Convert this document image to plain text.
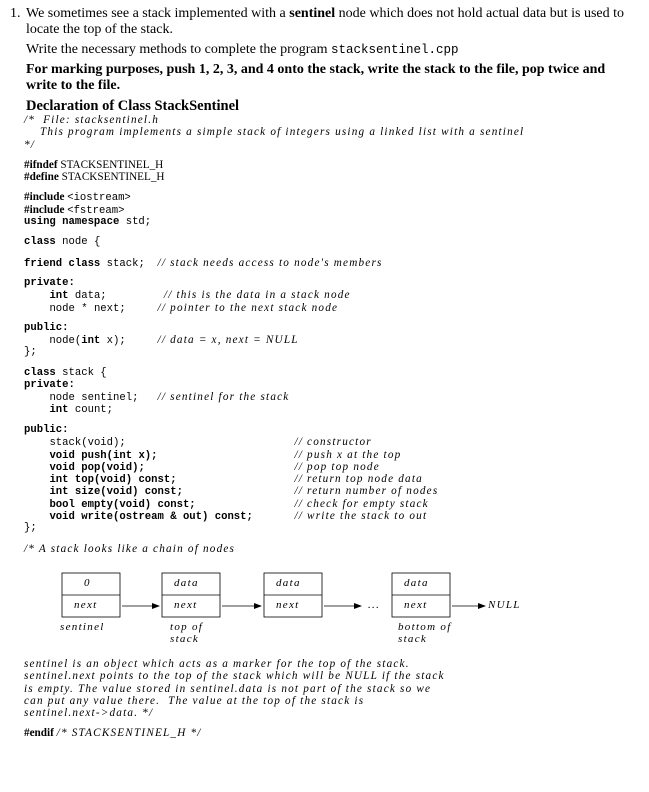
1. We sometimes see a stack implemented with a sentinel node which does not hold actual data but is used to locate the top of the stack.

Write the necessary methods to complete the program stacksentinel.cpp

For marking purposes, push 1, 2, 3, and 4 onto the stack, write the stack to the file, pop twice and write to the file.

Declaration of Class StackSentinel

/*  File: stacksentinel.h
This program implements a simple stack of integers using a linked list with a sentinel
*/
#ifndef STACKSENTINEL_H
#define STACKSENTINEL_H
#include <iostream>
#include <fstream>
using namespace std;
class node {
friend class stack;  // stack needs access to node's members
private:
int data;	// this is the data in a stack node
node * next;	// pointer to the next stack node
public:
node(int x);     // data = x, next = NULL
};
class stack {
private:
node sentinel; // sentinel for the stack
int count;
public:
stack(void);	// constructor
void push(int x);	// push x at the top
void pop(void);	// pop top node
int top(void) const;	// return top node data
int size(void) const;	// return number of nodes
bool empty(void) const;	// check for empty stack
void write(ostream & out) const;	// write the stack to out
};
/* A stack looks like a chain of nodes
0	data	data	data
next	next	next	next
...	NULL
sentinel	top of
stack
bottom of
stack
sentinel is an object which acts as a marker for the top of the stack.
sentinel.next points to the top of the stack which will be NULL if the stack
is empty. The value stored in sentinel.data is not part of the stack so we
can put any value there.  The value at the top of the stack is
sentinel.next->data. */
#endif /* STACKSENTINEL_H */
